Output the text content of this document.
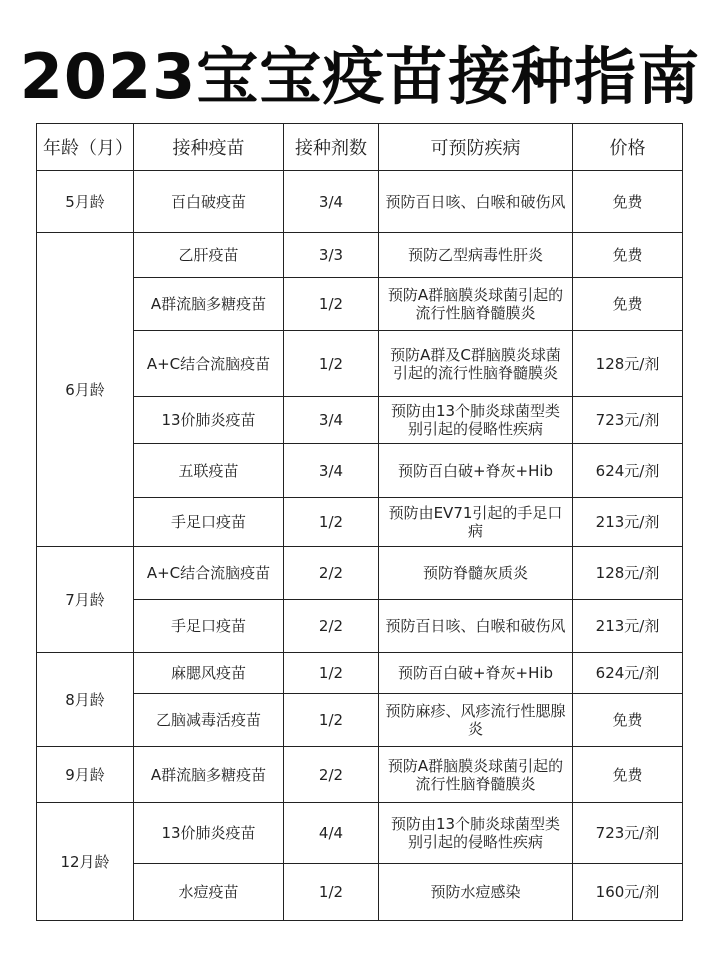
2023宝宝疫苗接种指南
年龄（月）	接种疫苗	接种剂数	可预防疾病	价格
5月龄	百白破疫苗	3/4	预防百日咳、白喉和破伤风	免费
6月龄	乙肝疫苗	3/3	预防乙型病毒性肝炎	免费
	A群流脑多糖疫苗	1/2	预防A群脑膜炎球菌引起的流行性脑脊髓膜炎	免费
	A+C结合流脑疫苗	1/2	预防A群及C群脑膜炎球菌引起的流行性脑脊髓膜炎	128元/剂
	13价肺炎疫苗	3/4	预防由13个肺炎球菌型类别引起的侵略性疾病	723元/剂
	五联疫苗	3/4	预防百白破+脊灰+Hib	624元/剂
	手足口疫苗	1/2	预防由EV71引起的手足口病	213元/剂
7月龄	A+C结合流脑疫苗	2/2	预防脊髓灰质炎	128元/剂
	手足口疫苗	2/2	预防百日咳、白喉和破伤风	213元/剂
8月龄	麻腮风疫苗	1/2	预防百白破+脊灰+Hib	624元/剂
	乙脑减毒活疫苗	1/2	预防麻疹、风疹流行性腮腺炎	免费
9月龄	A群流脑多糖疫苗	2/2	预防A群脑膜炎球菌引起的流行性脑脊髓膜炎	免费
12月龄	13价肺炎疫苗	4/4	预防由13个肺炎球菌型类别引起的侵略性疾病	723元/剂
	水痘疫苗	1/2	预防水痘感染	160元/剂
